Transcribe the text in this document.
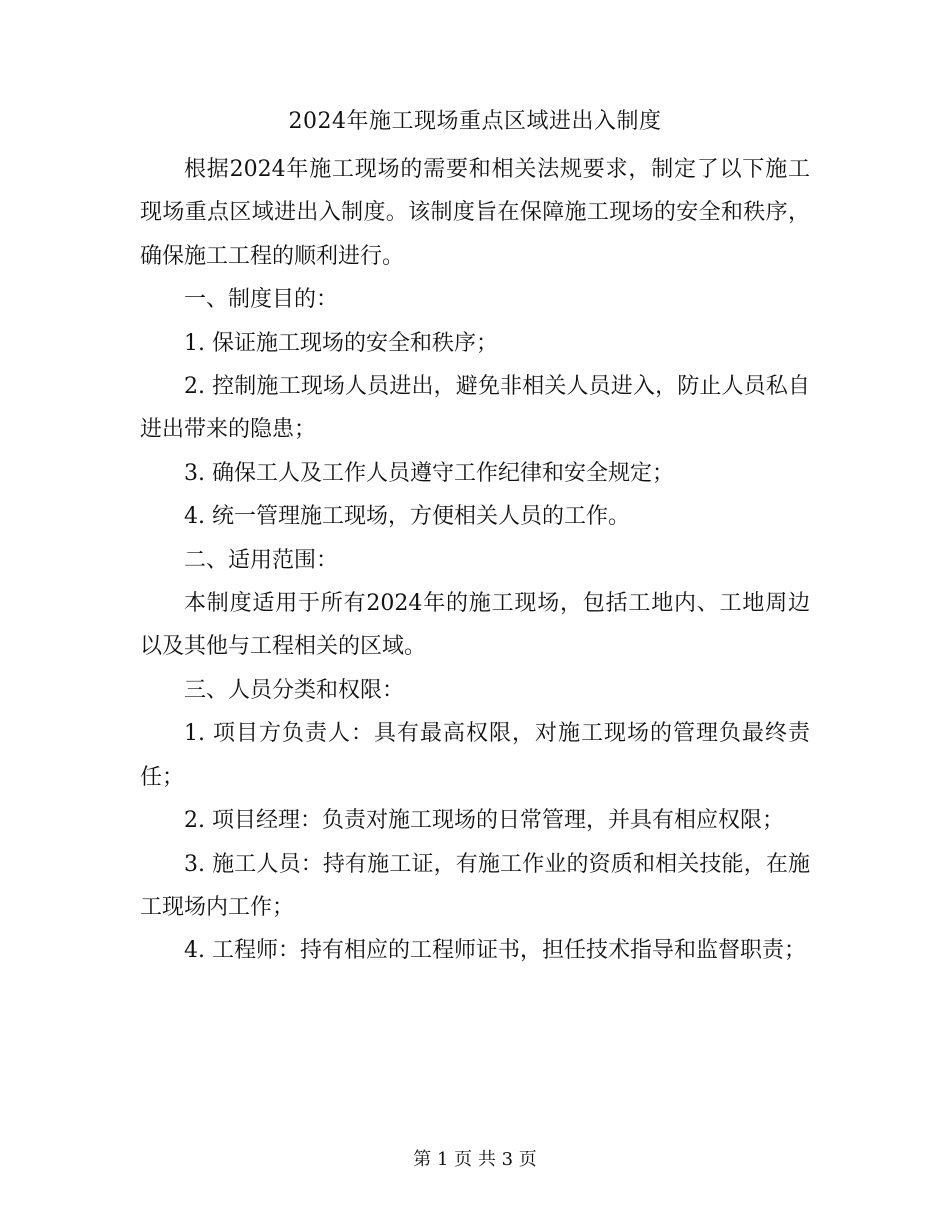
2024年施工现场重点区域进出入制度

根据2024年施工现场的需要和相关法规要求，制定了以下施工现场重点区域进出入制度。该制度旨在保障施工现场的安全和秩序，确保施工工程的顺利进行。

一、制度目的：

1. 保证施工现场的安全和秩序；

2. 控制施工现场人员进出，避免非相关人员进入，防止人员私自进出带来的隐患；

3. 确保工人及工作人员遵守工作纪律和安全规定；

4. 统一管理施工现场，方便相关人员的工作。

二、适用范围：

本制度适用于所有2024年的施工现场，包括工地内、工地周边以及其他与工程相关的区域。

三、人员分类和权限：

1. 项目方负责人：具有最高权限，对施工现场的管理负最终责任；

2. 项目经理：负责对施工现场的日常管理，并具有相应权限；

3. 施工人员：持有施工证，有施工作业的资质和相关技能，在施工现场内工作；

4. 工程师：持有相应的工程师证书，担任技术指导和监督职责；

第 1 页 共 3 页
